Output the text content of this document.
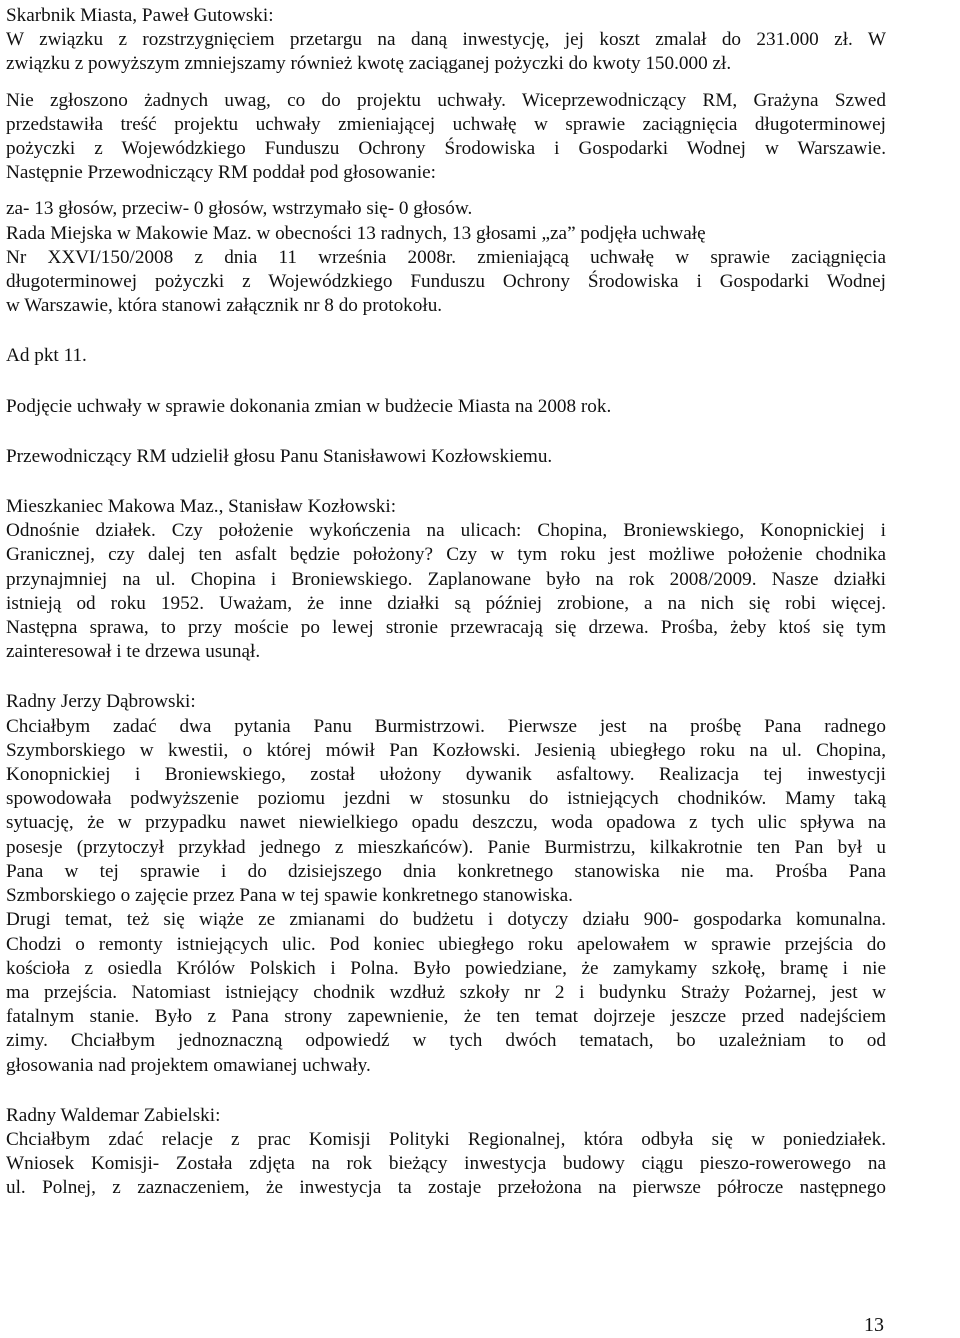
Skarbnik Miasta, Paweł Gutowski:
W związku z rozstrzygnięciem przetargu na daną inwestycję, jej koszt zmalał do 231.000 zł. W
związku z powyższym zmniejszamy również kwotę zaciąganej pożyczki do kwoty 150.000 zł.
Nie zgłoszono żadnych uwag, co do projektu uchwały. Wiceprzewodniczący RM, Grażyna Szwed
przedstawiła treść projektu uchwały zmieniającej uchwałę w sprawie zaciągnięcia długoterminowej
pożyczki z Wojewódzkiego Funduszu Ochrony Środowiska i Gospodarki Wodnej w Warszawie.
Następnie Przewodniczący RM poddał pod głosowanie:
za- 13 głosów, przeciw- 0 głosów, wstrzymało się- 0 głosów.
Rada Miejska w Makowie Maz. w obecności 13 radnych, 13 głosami „za” podjęła uchwałę
Nr XXVI/150/2008 z dnia 11 września 2008r. zmieniającą uchwałę w sprawie zaciągnięcia
długoterminowej pożyczki z Wojewódzkiego Funduszu Ochrony Środowiska i Gospodarki Wodnej
w Warszawie, która stanowi załącznik nr 8 do protokołu.
Ad pkt 11.
Podjęcie uchwały w sprawie dokonania zmian w budżecie Miasta na 2008 rok.
Przewodniczący RM udzielił głosu Panu Stanisławowi Kozłowskiemu.
Mieszkaniec Makowa Maz., Stanisław Kozłowski:
Odnośnie działek. Czy położenie wykończenia na ulicach: Chopina, Broniewskiego, Konopnickiej i
Granicznej, czy dalej ten asfalt będzie położony? Czy w tym roku jest możliwe położenie chodnika
przynajmniej na ul. Chopina i Broniewskiego. Zaplanowane było na rok 2008/2009. Nasze działki
istnieją od roku 1952. Uważam, że inne działki są później zrobione, a na nich się robi więcej.
Następna sprawa, to przy moście po lewej stronie przewracają się drzewa. Prośba, żeby ktoś się tym
zainteresował i te drzewa usunął.
Radny Jerzy Dąbrowski:
Chciałbym zadać dwa pytania Panu Burmistrzowi. Pierwsze jest na prośbę Pana radnego
Szymborskiego w kwestii, o której mówił Pan Kozłowski. Jesienią ubiegłego roku na ul. Chopina,
Konopnickiej i Broniewskiego, został ułożony dywanik asfaltowy. Realizacja tej inwestycji
spowodowała podwyższenie poziomu jezdni w stosunku do istniejących chodników. Mamy taką
sytuację, że w przypadku nawet niewielkiego opadu deszczu, woda opadowa z tych ulic spływa na
posesje (przytoczył przykład jednego z mieszkańców). Panie Burmistrzu, kilkakrotnie ten Pan był u
Pana w tej sprawie i do dzisiejszego dnia konkretnego stanowiska nie ma. Prośba Pana
Szmborskiego o zajęcie przez Pana w tej spawie konkretnego stanowiska.
Drugi temat, też się wiąże ze zmianami do budżetu i dotyczy działu 900- gospodarka komunalna.
Chodzi o remonty istniejących ulic. Pod koniec ubiegłego roku apelowałem w sprawie przejścia do
kościoła z osiedla Królów Polskich i Polna. Było powiedziane, że zamykamy szkołę, bramę i nie
ma przejścia. Natomiast istniejący chodnik wzdłuż szkoły nr 2 i budynku Straży Pożarnej, jest w
fatalnym stanie. Było z Pana strony zapewnienie, że ten temat dojrzeje jeszcze przed nadejściem
zimy. Chciałbym jednoznaczną odpowiedź w tych dwóch tematach, bo uzależniam to od
głosowania nad projektem omawianej uchwały.
Radny Waldemar Zabielski:
Chciałbym zdać relacje z prac Komisji Polityki Regionalnej, która odbyła się w poniedziałek.
Wniosek Komisji- Została zdjęta na rok bieżący inwestycja budowy ciągu pieszo-rowerowego na
ul. Polnej, z zaznaczeniem, że inwestycja ta zostaje przełożona na pierwsze półrocze następnego
13
